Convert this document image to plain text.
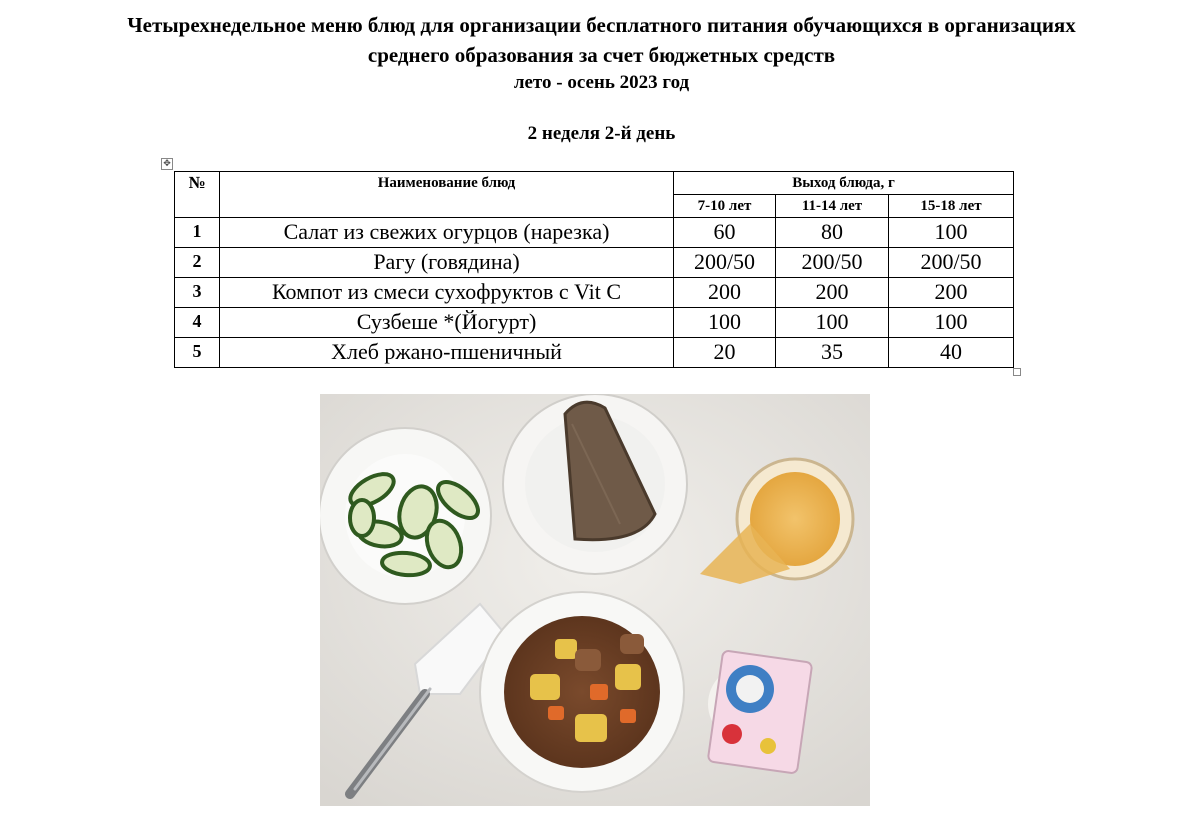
Четырехнедельное меню блюд для организации бесплатного питания обучающихся в организациях
среднего образования за счет бюджетных средств
лето - осень 2023 год
2 неделя 2-й день
✥
№	Наименование блюд	Выход блюда, г		
		7-10 лет	11-14 лет	15-18 лет
1	Салат из свежих огурцов (нарезка)	60	80	100
2	Рагу (говядина)	200/50	200/50	200/50
3	Компот из смеси сухофруктов с Vit C	200	200	200
4	Сузбеше *(Йогурт)	100	100	100
5	Хлеб ржано-пшеничный	20	35	40
